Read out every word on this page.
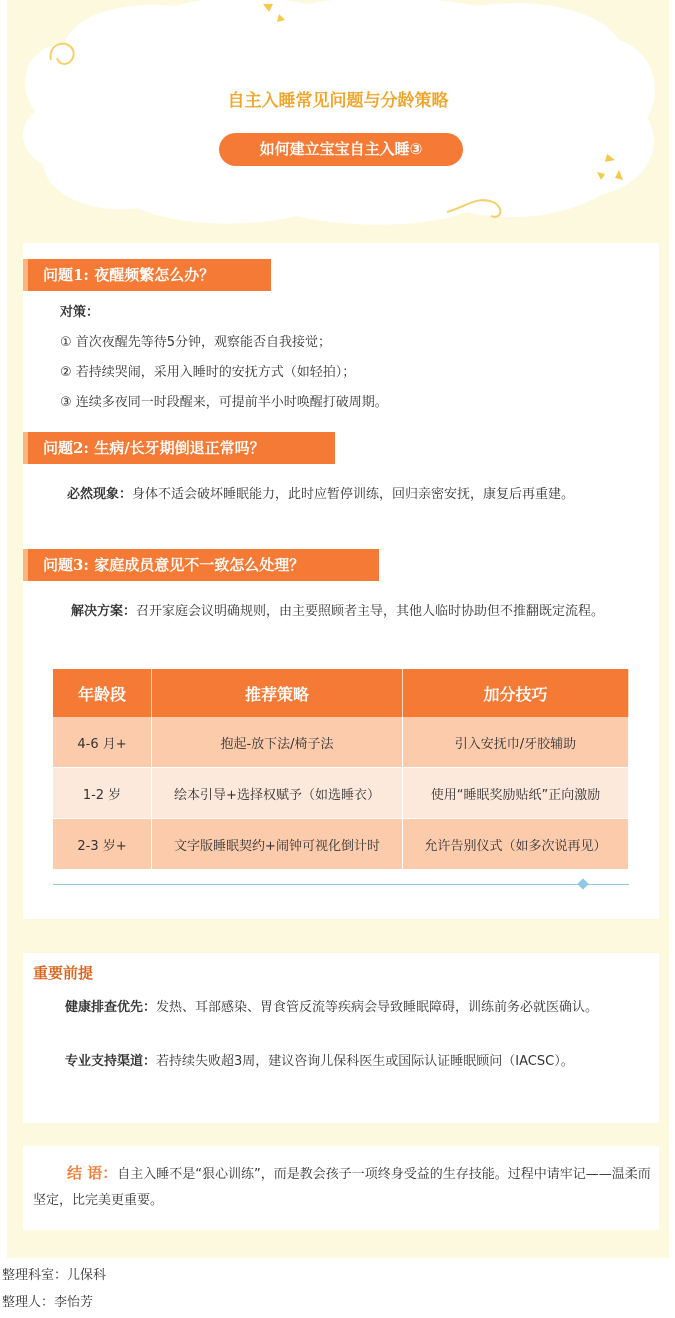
自主入睡常见问题与分龄策略
如何建立宝宝自主入睡③
问题1: 夜醒频繁怎么办？
对策：
① 首次夜醒先等待5分钟，观察能否自我接觉；
② 若持续哭闹，采用入睡时的安抚方式（如轻拍）；
③ 连续多夜同一时段醒来，可提前半小时唤醒打破周期。
问题2: 生病/长牙期倒退正常吗？
必然现象：身体不适会破坏睡眠能力，此时应暂停训练，回归亲密安抚，康复后再重建。
问题3: 家庭成员意见不一致怎么处理？
解决方案：召开家庭会议明确规则，由主要照顾者主导，其他人临时协助但不推翻既定流程。
年龄段	推荐策略	加分技巧
4-6 月+	抱起-放下法/椅子法	引入安抚巾/牙胶辅助
1-2 岁	绘本引导+选择权赋予（如选睡衣）	使用“睡眠奖励贴纸”正向激励
2-3 岁+	文字版睡眠契约+闹钟可视化倒计时	允许告别仪式（如多次说再见）
重要前提
健康排查优先：发热、耳部感染、胃食管反流等疾病会导致睡眠障碍，训练前务必就医确认。
专业支持渠道：若持续失败超3周，建议咨询儿保科医生或国际认证睡眠顾问（IACSC）。
结 语：自主入睡不是“狠心训练”，而是教会孩子一项终身受益的生存技能。过程中请牢记——温柔而坚定，比完美更重要。
整理科室：儿保科
整理人：李怡芳
